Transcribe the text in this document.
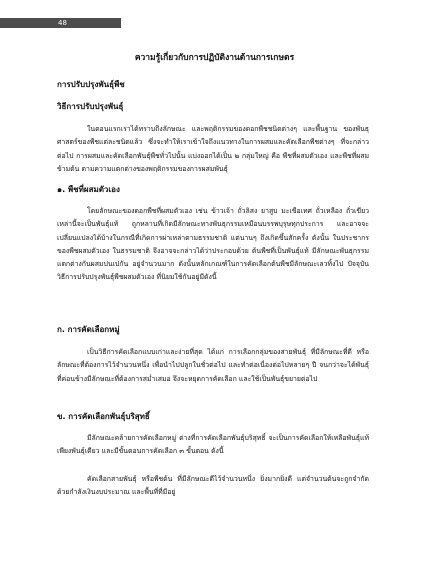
48
ความรู้เกี่ยวกับการปฏิบัติงานด้านการเกษตร
การปรับปรุงพันธุ์พืช
วิธีการปรับปรุงพันธุ์
ในตอนแรกเราได้ทราบถึงลักษณะ และพฤติกรรมของดอกพืชชนิดต่างๆ และพื้นฐาน ของพันธุศาสตร์ของพืชแต่ละชนิดแล้ว ซึ่งจะทำให้เราเข้าใจถึงแนวทางในการผสมและคัดเลือกพืชต่างๆ ที่จะกล่าวต่อไป การผสมและคัดเลือกพันธุ์พืชทั่วไปนั้น แบ่งออกได้เป็น ๒ กลุ่มใหญ่ คือ พืชที่ผสมตัวเอง และพืชที่ผสมข้ามต้น ตามความแตกต่างของพฤติกรรมของการผสมพันธุ์
๑. พืชที่ผสมตัวเอง
โดยลักษณะของดอกพืชที่ผสมตัวเอง เช่น ข้าวเจ้า ถั่วลิสง ยาสูบ มะเขือเทศ ถั่วเหลือง ถั่วเขียวเหล่านี้จะเป็นพันธุ์แท้ ถูกหลานที่เกิดมีลักษณะทางพันธุกรรมเหมือนบรรพบุรุษทุกประการ และอาจจะเปลี่ยนแปลงได้บ้างในกรณีที่เกิดการผ่าเหล่าตามธรรมชาติ แต่นานๆ ถึงเกิดขึ้นสักครั้ง ดังนั้น ในประชากรของพืชผสมตัวเอง ในธรรมชาติ จึงอาจจะกล่าวได้ว่าประกอบด้วย ต้นพืชที่เป็นพันธุ์แท้ มีลักษณะพันธุกรรมแตกต่างกันผสมปนเปกัน อยู่จำนวนมาก ดังนั้นหลักเกณฑ์ในการคัดเลือกต้นพืชมีลักษณะเลวทิ้งไป ปัจจุบันวิธีการปรับปรุงพันธุ์พืชผสมตัวเอง ที่นิยมใช้กันอยู่มีดังนี้
ก. การคัดเลือกหมู่
เป็นวิธีการคัดเลือกแบบเก่าและง่ายที่สุด ได้แก่ การเลือกกลุ่มของสายพันธุ์ ที่มีลักษณะที่ดี หรือลักษณะที่ต้องการไว้จำนวนหนึ่ง เพื่อนำไปปลูกในชั่วต่อไป และทำต่อเนื่องต่อไปหลายๆ ปี จนกว่าจะได้พันธุ์ที่ค่อนข้างมีลักษณะที่ต้องการสม่ำเสมอ จึงจะหยุดการคัดเลือก และใช้เป็นพันธุ์ขยายต่อไป
ข. การคัดเลือกพันธุ์บริสุทธิ์
มีลักษณะคล้ายการคัดเลือกหมู่ ต่างที่การคัดเลือกพันธุ์บริสุทธิ์ จะเป็นการคัดเลือกให้เหลือพันธุ์แท้เพียงพันธุ์เดียว และมีขั้นตอนการคัดเลือก ๓ ขั้นตอน ดังนี้
คัดเลือกสายพันธุ์ หรือพืชต้น ที่มีลักษณะดีไว้จำนวนหนึ่ง ยิ่งมากยิ่งดี แต่จำนวนต้นจะถูกจำกัดด้วยกำลังเงินงบประมาณ และพื้นที่ที่มีอยู่
